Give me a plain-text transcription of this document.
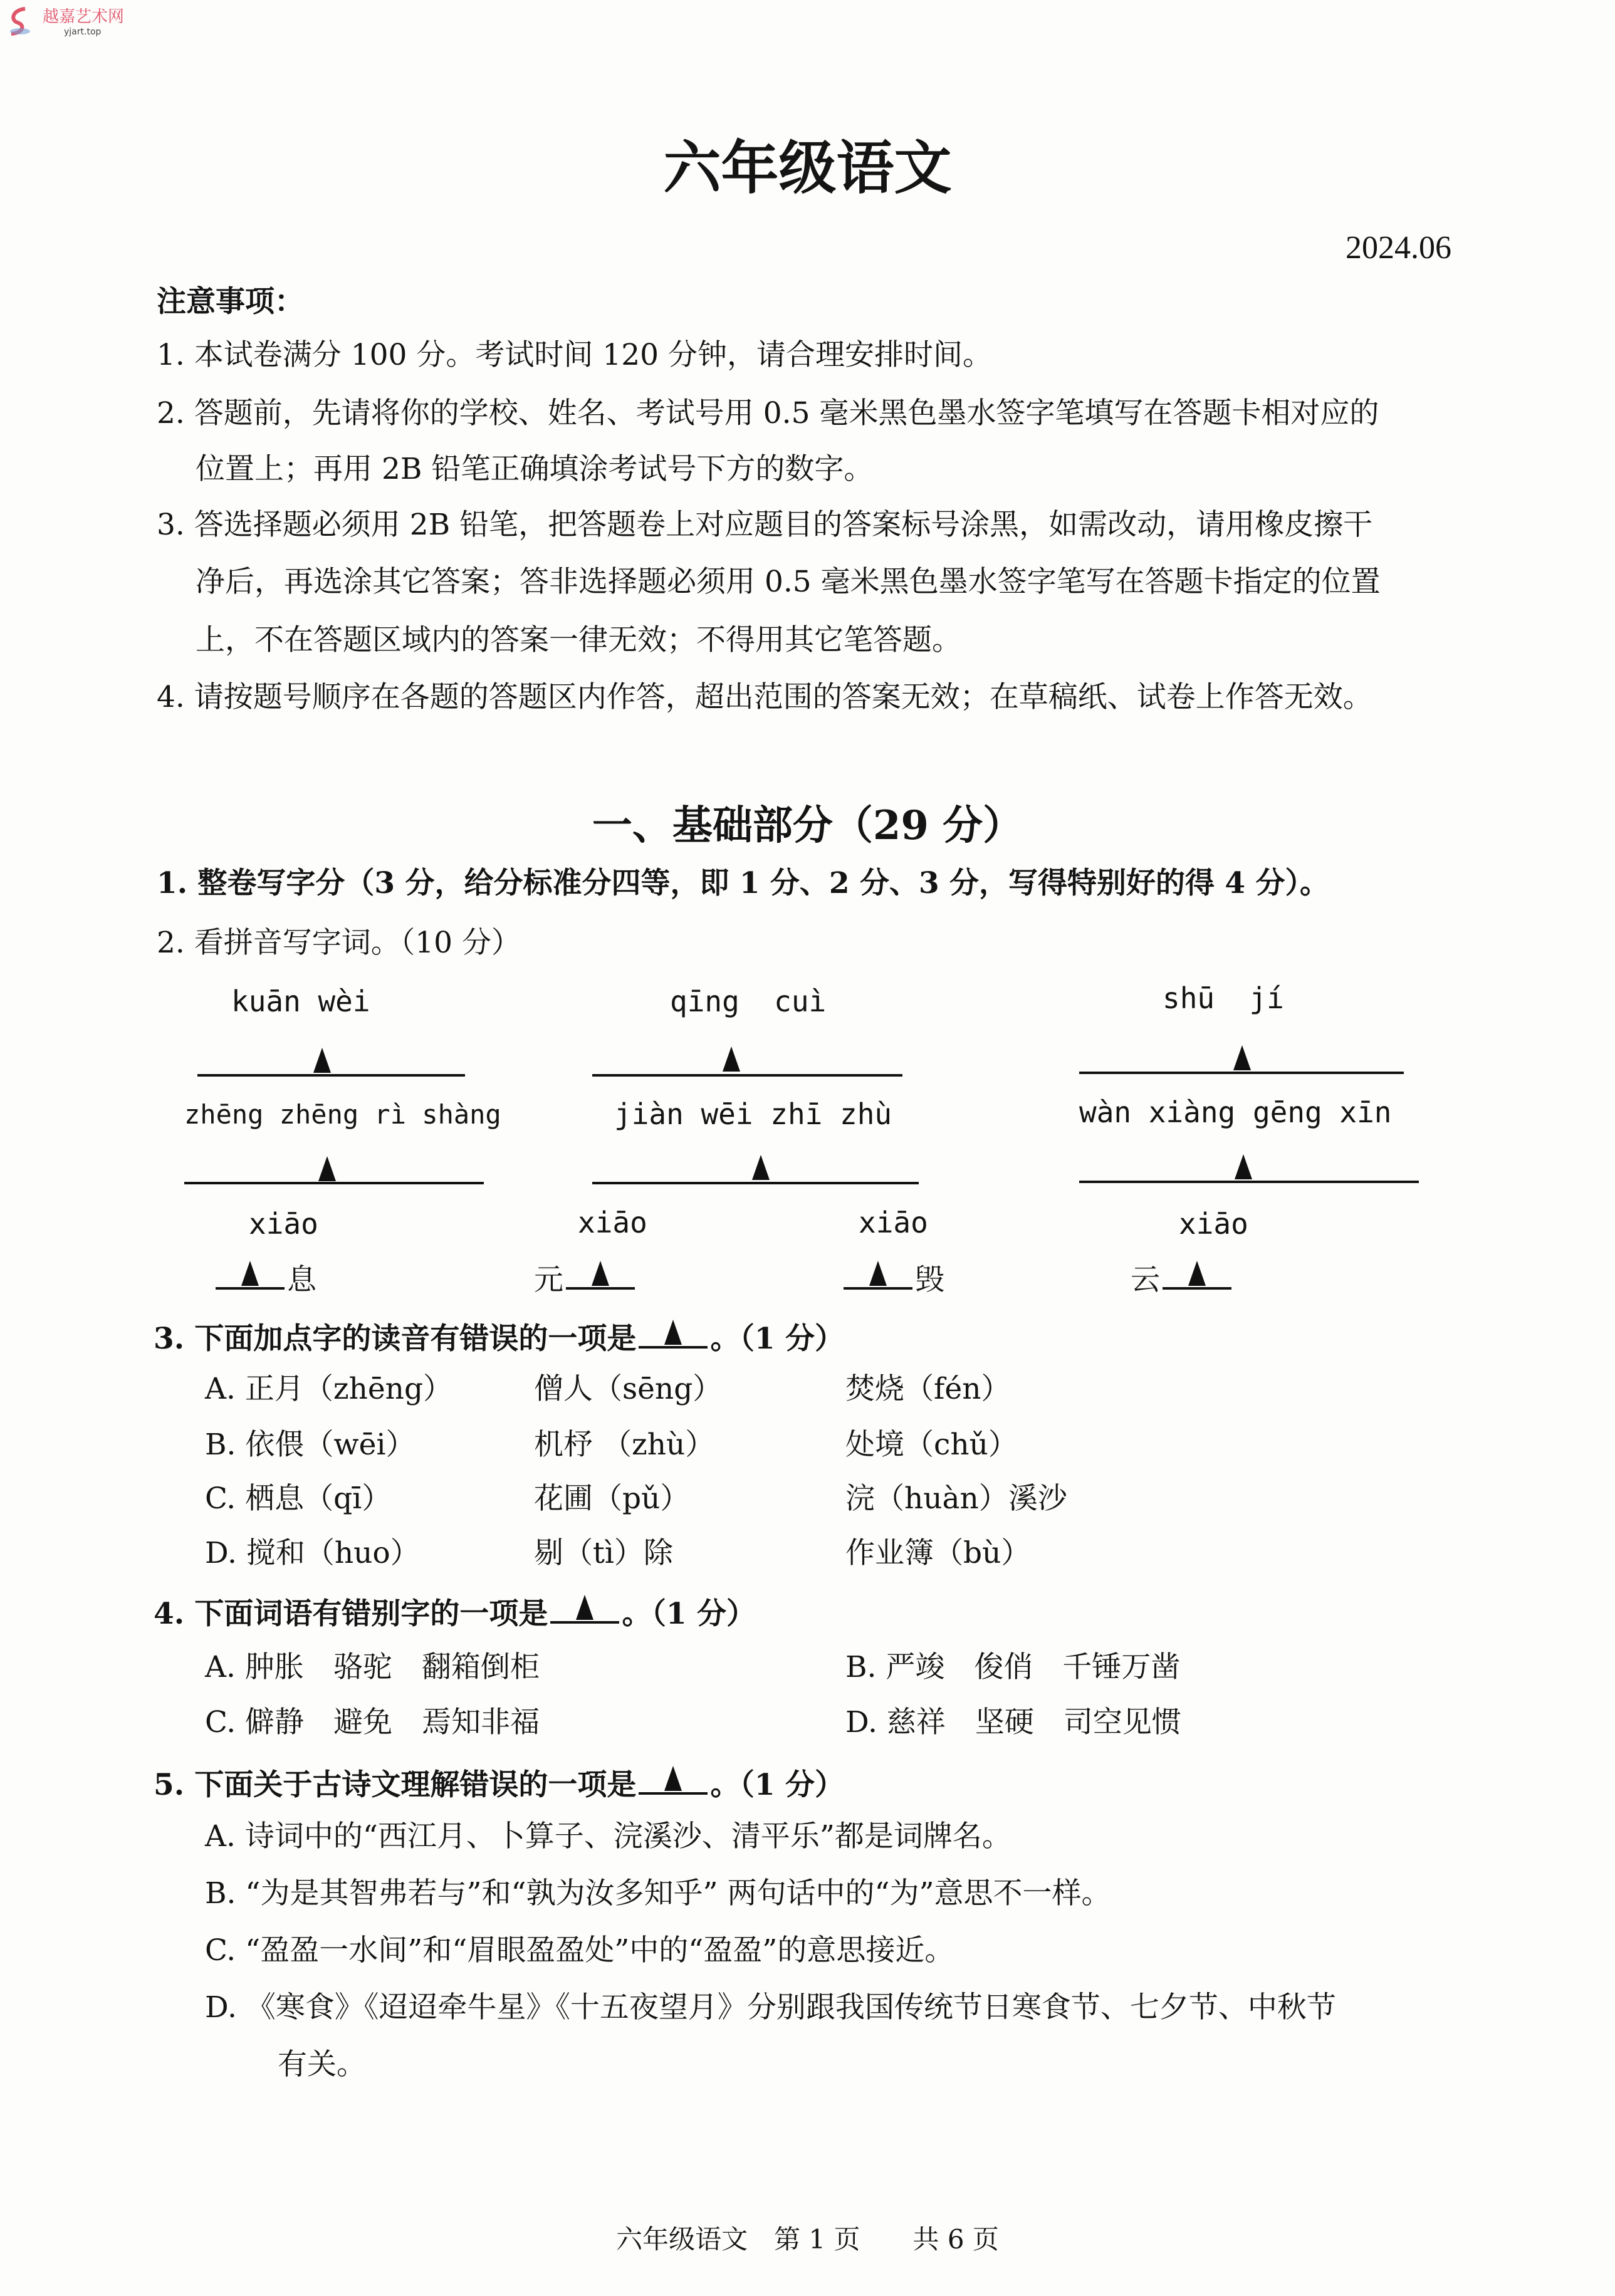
越嘉艺术网
yjart.top
六年级语文
2024.06
注意事项：
1. 本试卷满分 100 分。考试时间 120 分钟，请合理安排时间。
2. 答题前，先请将你的学校、姓名、考试号用 0.5 毫米黑色墨水签字笔填写在答题卡相对应的
位置上；再用 2B 铅笔正确填涂考试号下方的数字。
3. 答选择题必须用 2B 铅笔，把答题卷上对应题目的答案标号涂黑，如需改动，请用橡皮擦干
净后，再选涂其它答案；答非选择题必须用 0.5 毫米黑色墨水签字笔写在答题卡指定的位置
上，不在答题区域内的答案一律无效；不得用其它笔答题。
4. 请按题号顺序在各题的答题区内作答，超出范围的答案无效；在草稿纸、试卷上作答无效。
一、基础部分（29 分）
1. 整卷写字分（3 分，给分标准分四等，即 1 分、2 分、3 分，写得特别好的得 4 分）。
2. 看拼音写字词。（10 分）
kuān wèi	qīng  cuì	shū  jí
zhēng zhēng rì shàng	jiàn wēi zhī zhù	wàn xiàng gēng xīn
xiāo	xiāo	xiāo	xiāo
息	元	毁	云
3. 下面加点字的读音有错误的一项是	。（1 分）
A. 正月（zhēng）	僧人（sēng）	焚烧（fén）
B. 依偎（wēi）	机杼 （zhù）	处境（chǔ）
C. 栖息（qī）	花圃（pǔ）	浣（huàn）溪沙
D. 搅和（huo）	剔（tì）除	作业簿（bù）
4. 下面词语有错别字的一项是	。（1 分）
A. 肿胀　骆驼　翻箱倒柜	B. 严竣　俊俏　千锤万凿
C. 僻静　避免　焉知非福	D. 慈祥　坚硬　司空见惯
5. 下面关于古诗文理解错误的一项是	。（1 分）
A. 诗词中的“西江月、卜算子、浣溪沙、清平乐”都是词牌名。
B. “为是其智弗若与”和“孰为汝多知乎” 两句话中的“为”意思不一样。
C. “盈盈一水间”和“眉眼盈盈处”中的“盈盈”的意思接近。
D. 《寒食》《迢迢牵牛星》《十五夜望月》分别跟我国传统节日寒食节、七夕节、中秋节
有关。
六年级语文　第 1 页　　共 6 页
